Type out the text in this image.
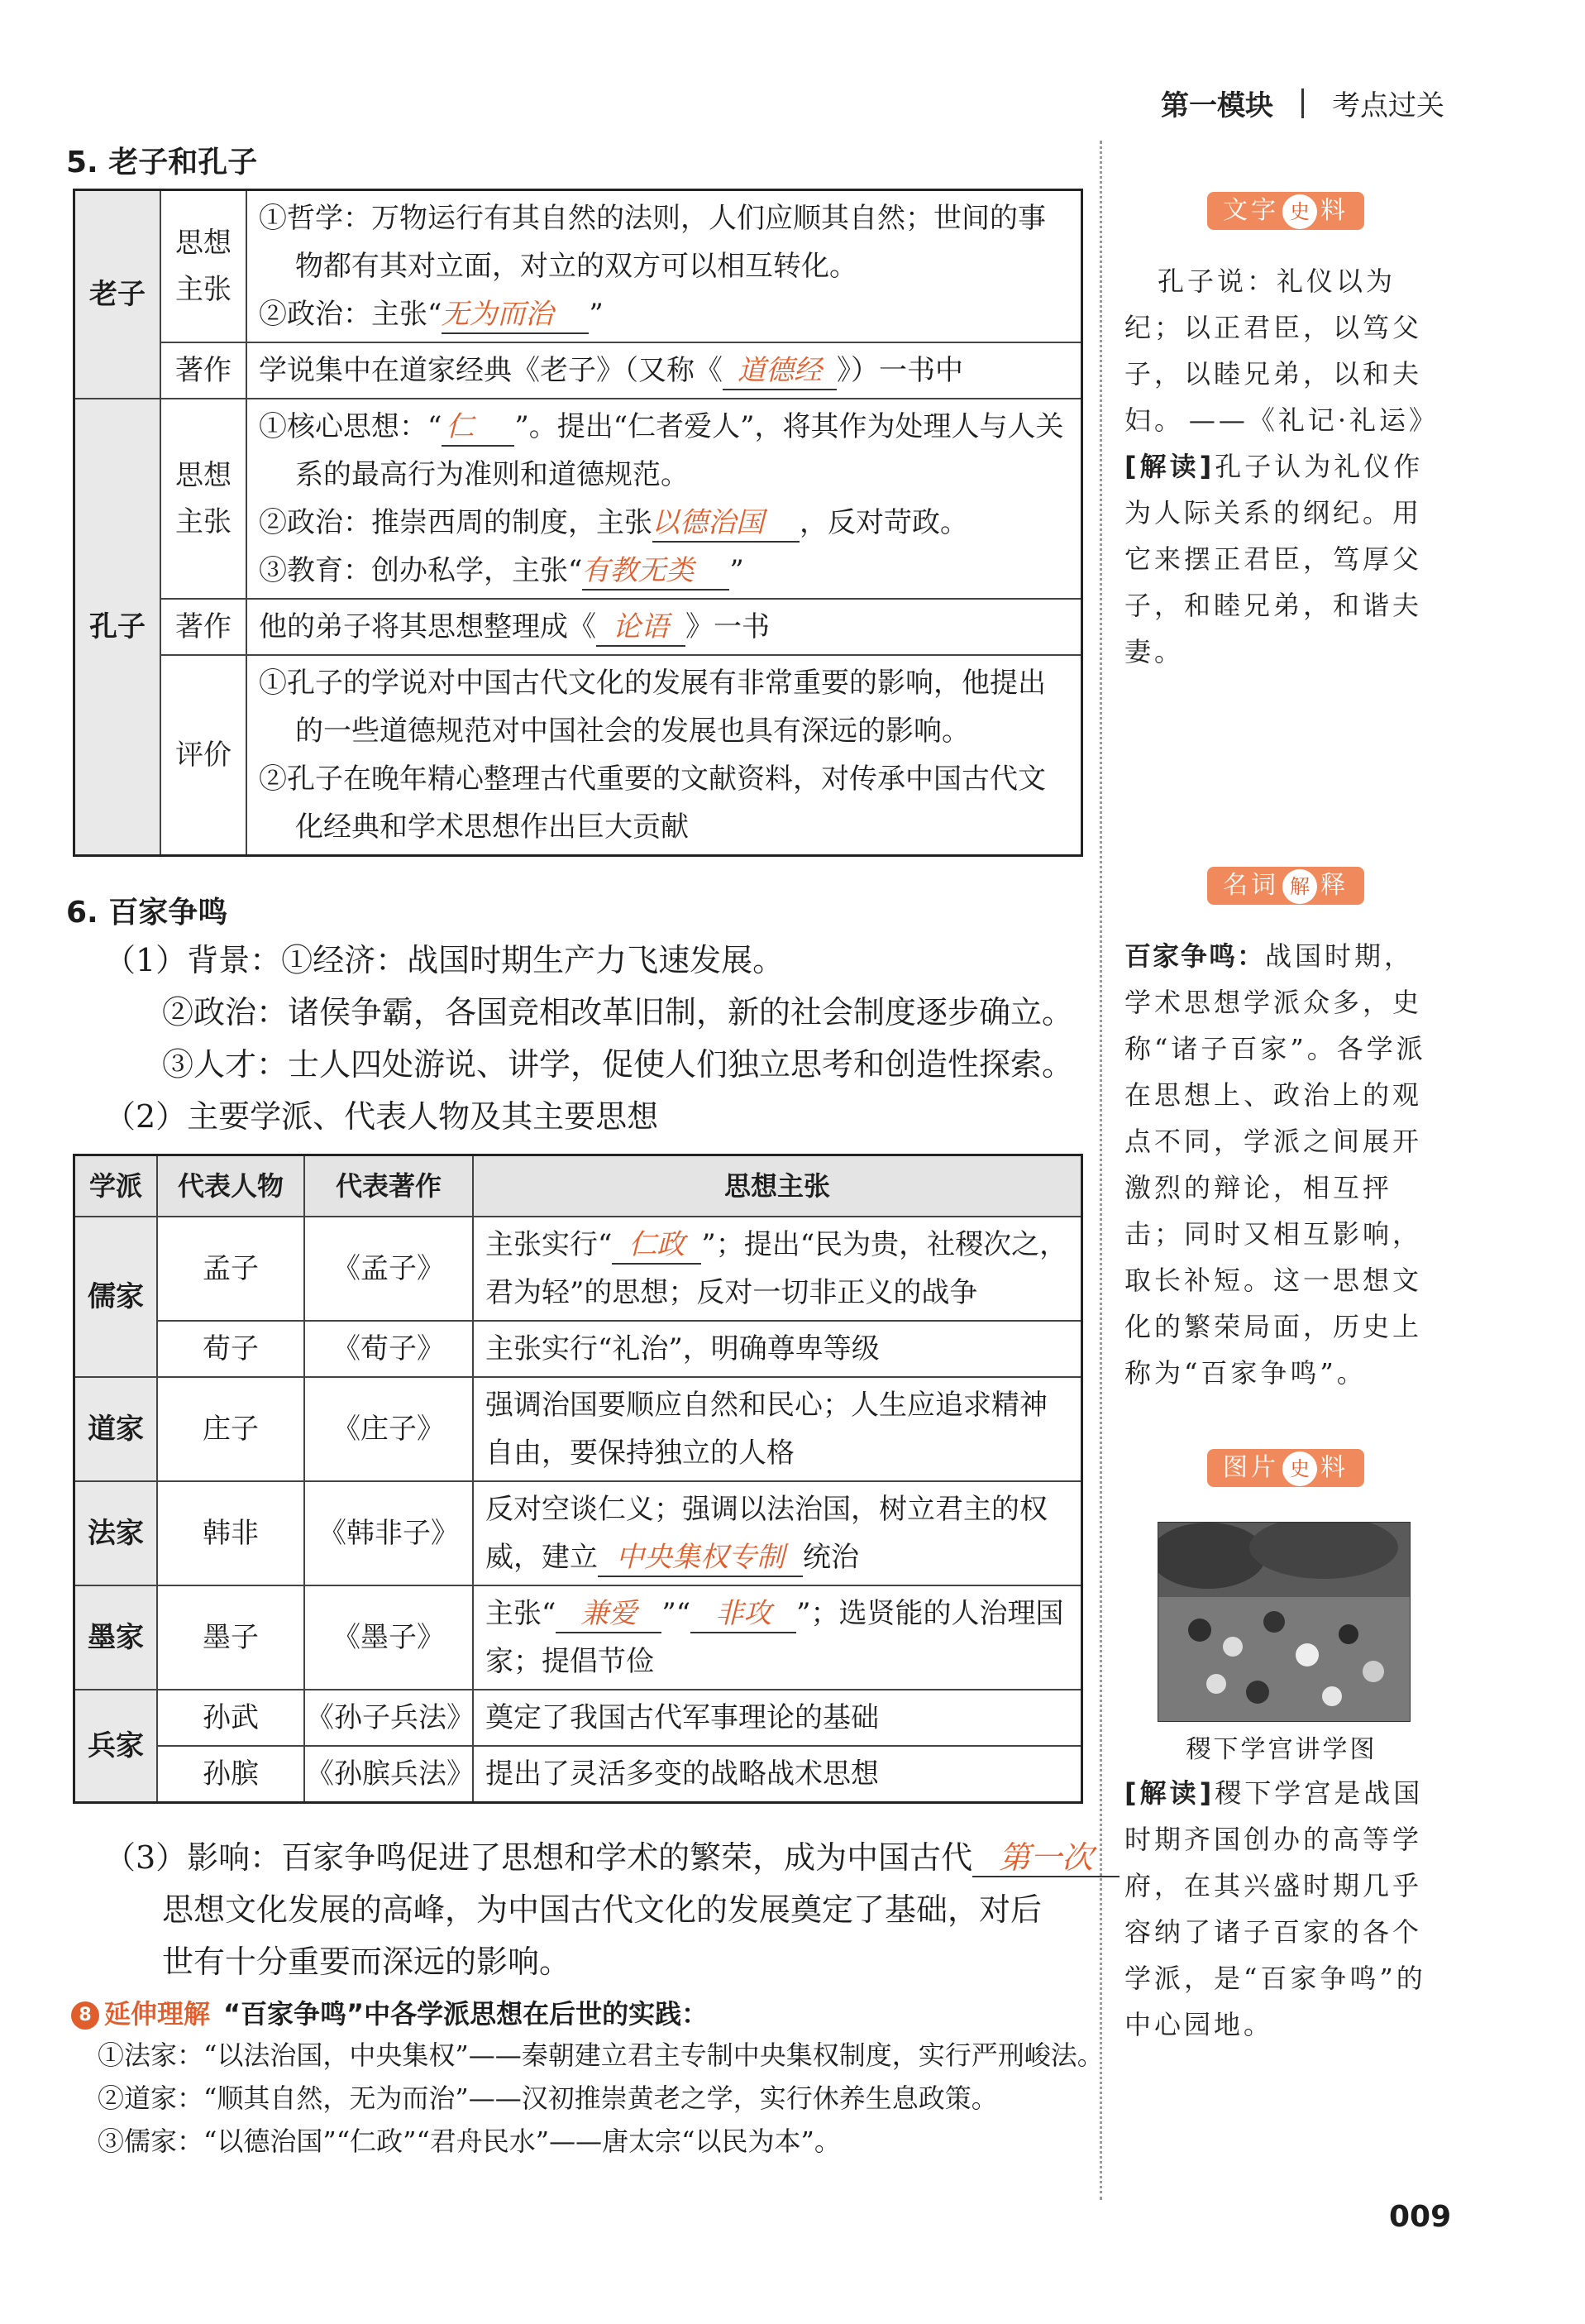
第一模块 考点过关
5. 老子和孔子
老子	思想主张	①哲学：万物运行有其自然的法则，人们应顺其自然；世间的事物都有其对立面，对立的双方可以相互转化。
②政治：主张“无为而治 ”

	著作	学说集中在道家经典《老子》（又称《 道德经 》）一书中
孔子	思想主张	①核心思想：“ 仁 ”。提出“仁者爱人”，将其作为处理人与人关系的最高行为准则和道德规范。
②政治：推崇西周的制度，主张以德治国 ，反对苛政。
③教育：创办私学，主张“有教无类 ”

	著作	他的弟子将其思想整理成《 论语 》一书
	评价	①孔子的学说对中国古代文化的发展有非常重要的影响，他提出的一些道德规范对中国社会的发展也具有深远的影响。
②孔子在晚年精心整理古代重要的文献资料，对传承中国古代文化经典和学术思想作出巨大贡献
6. 百家争鸣
（1）背景：①经济：战国时期生产力飞速发展。
②政治：诸侯争霸，各国竞相改革旧制，新的社会制度逐步确立。
③人才：士人四处游说、讲学，促使人们独立思考和创造性探索。
（2）主要学派、代表人物及其主要思想
学派	代表人物	代表著作	思想主张
儒家	孟子	《孟子》	主张实行“ 仁政 ”；提出“民为贵，社稷次之，君为轻”的思想；反对一切非正义的战争
	荀子	《荀子》	主张实行“礼治”，明确尊卑等级
道家	庄子	《庄子》	强调治国要顺应自然和民心；人生应追求精神自由，要保持独立的人格
法家	韩非	《韩非子》	反对空谈仁义；强调以法治国，树立君主的权威，建立 中央集权专制 统治
墨家	墨子	《墨子》	主张“ 兼爱 ”“ 非攻 ”；选贤能的人治理国家；提倡节俭
兵家	孙武	《孙子兵法》	奠定了我国古代军事理论的基础
	孙膑	《孙膑兵法》	提出了灵活多变的战略战术思想
（3）影响：百家争鸣促进了思想和学术的繁荣，成为中国古代 第一次
思想文化发展的高峰，为中国古代文化的发展奠定了基础，对后
世有十分重要而深远的影响。
8 延伸理解 “百家争鸣”中各学派思想在后世的实践：
①法家：“以法治国，中央集权”——秦朝建立君主专制中央集权制度，实行严刑峻法。
②道家：“顺其自然，无为而治”——汉初推崇黄老之学，实行休养生息政策。
③儒家：“以德治国”“仁政”“君舟民水”——唐太宗“以民为本”。
文字 史 料
孔子说：礼仪以为纪；以正君臣，以笃父子，以睦兄弟，以和夫妇。 ——《礼记·礼运》
[解读]孔子认为礼仪作为人际关系的纲纪。用它来摆正君臣，笃厚父子，和睦兄弟，和谐夫妻。
名词 解 释
百家争鸣：战国时期，学术思想学派众多，史称“诸子百家”。各学派在思想上、政治上的观点不同，学派之间展开激烈的辩论，相互抨击；同时又相互影响，取长补短。这一思想文化的繁荣局面，历史上称为“百家争鸣”。
图片 史 料
稷下学宫讲学图
[解读]稷下学宫是战国时期齐国创办的高等学府，在其兴盛时期几乎容纳了诸子百家的各个学派，是“百家争鸣”的中心园地。
009
